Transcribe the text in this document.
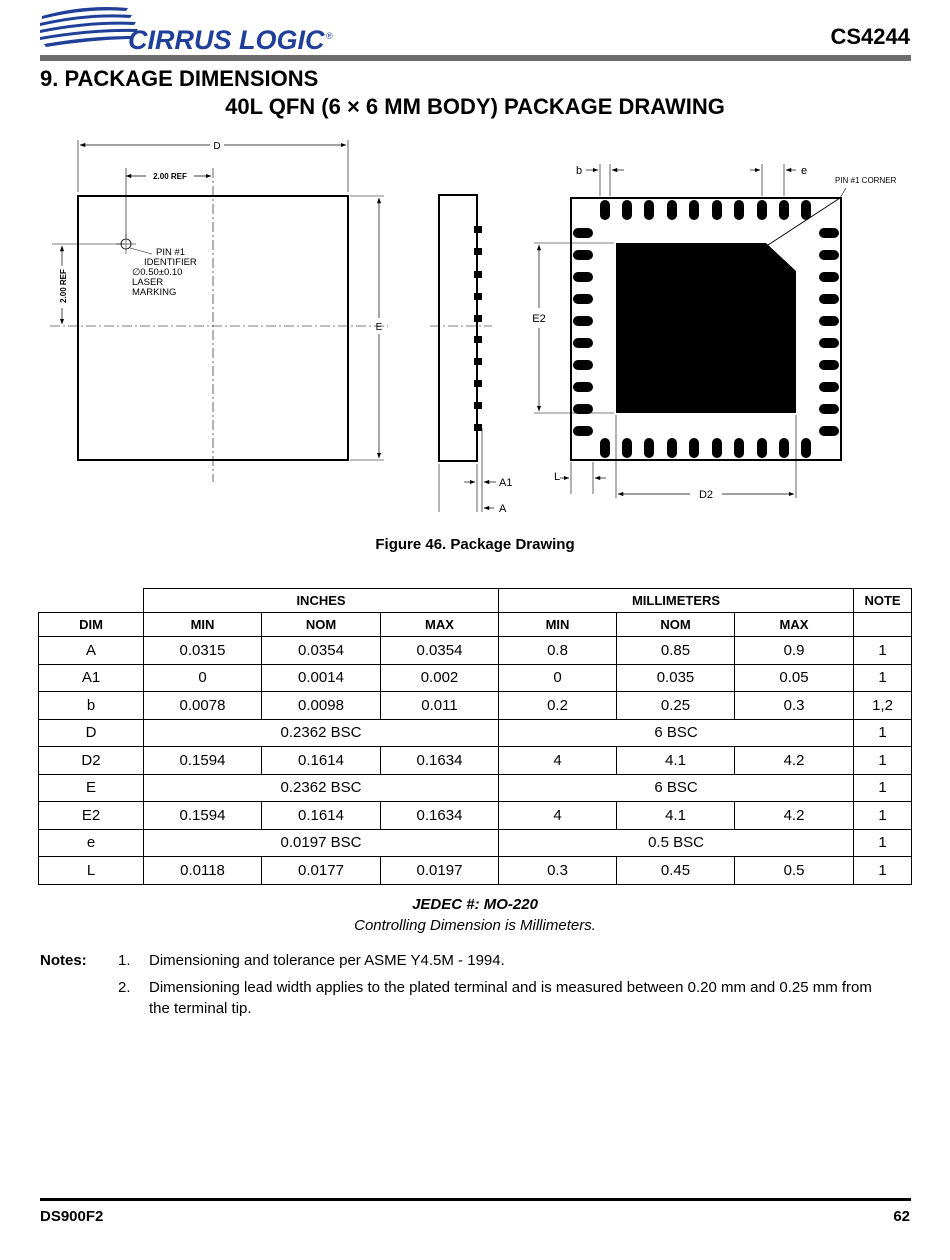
CIRRUS LOGIC ®	CS4244
9. PACKAGE DIMENSIONS
40L QFN (6 × 6 MM BODY) PACKAGE DRAWING
D
2.00 REF
2.00 REF
E
PIN #1
IDENTIFIER
∅0.50±0.10
LASER
MARKING
A1
A
b	e
PIN #1 CORNER
E2
L
D2
Figure 46. Package Drawing
	INCHES			MILLIMETERS			NOTE
DIM	MIN	NOM	MAX	MIN	NOM	MAX	
A	0.0315	0.0354	0.0354	0.8	0.85	0.9	1
A1	0	0.0014	0.002	0	0.035	0.05	1
b	0.0078	0.0098	0.011	0.2	0.25	0.3	1,2
D	0.2362 BSC			6 BSC			1
D2	0.1594	0.1614	0.1634	4	4.1	4.2	1
E	0.2362 BSC			6 BSC			1
E2	0.1594	0.1614	0.1634	4	4.1	4.2	1
e	0.0197 BSC			0.5 BSC			1
L	0.0118	0.0177	0.0197	0.3	0.45	0.5	1
JEDEC #: MO-220
Controlling Dimension is Millimeters.
Notes: 1. Dimensioning and tolerance per ASME Y4.5M - 1994.
2. Dimensioning lead width applies to the plated terminal and is measured between 0.20 mm and 0.25 mm from the terminal tip.
DS900F2	62
